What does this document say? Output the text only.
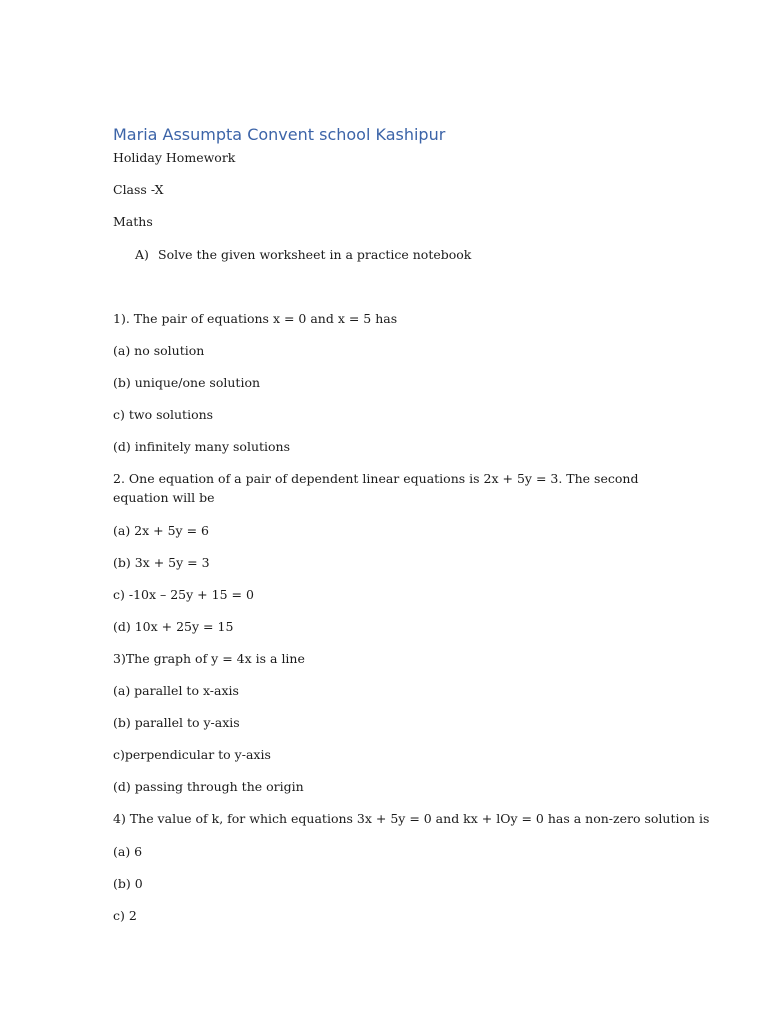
Maria Assumpta Convent school Kashipur

Holiday Homework

Class -X

Maths

A) Solve the given worksheet in a practice notebook

1). The pair of equations x = 0 and x = 5 has

(a) no solution

(b) unique/one solution

c) two solutions

(d) infinitely many solutions

2. One equation of a pair of dependent linear equations is 2x + 5y = 3. The second equation will be

(a) 2x + 5y = 6

(b) 3x + 5y = 3

c) -10x – 25y + 15 = 0

(d) 10x + 25y = 15

3)The graph of y = 4x is a line

(a) parallel to x-axis

(b) parallel to y-axis

c)perpendicular to y-axis

(d) passing through the origin

4) The value of k, for which equations 3x + 5y = 0 and kx + lOy = 0 has a non-zero solution is

(a) 6

(b) 0

c) 2
